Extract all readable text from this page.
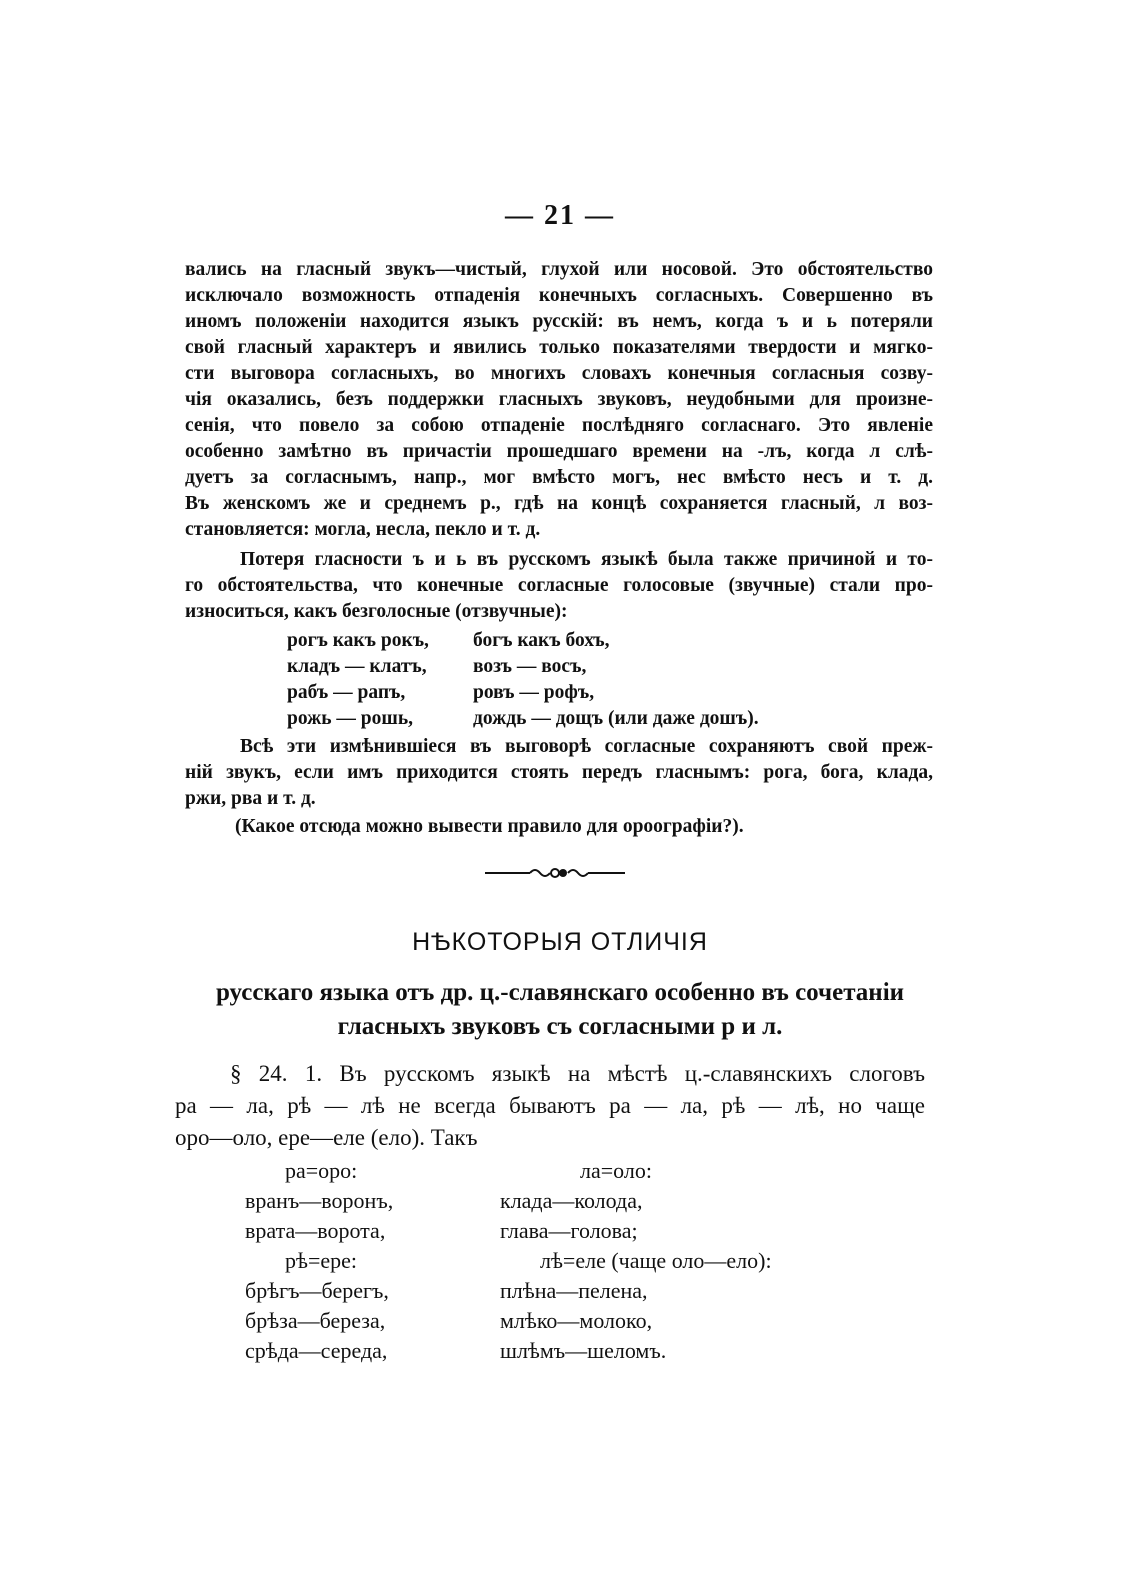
— 21 —

вались на гласный звукъ—чистый, глухой или носовой. Это обстоятельство
исключало возможность отпаденія конечныхъ согласныхъ. Совершенно въ
иномъ положеніи находится языкъ русскій: въ немъ, когда ъ и ь потеряли
свой гласный характеръ и явились только показателями твердости и мягко-
сти выговора согласныхъ, во многихъ словахъ конечныя согласныя созву-
чія оказались, безъ поддержки гласныхъ звуковъ, неудобными для произне-
сенія, что повело за собою отпаденіе послѣдняго согласнаго. Это явленіе
особенно замѣтно въ причастіи прошедшаго времени на -лъ, когда л слѣ-
дуетъ за согласнымъ, напр., мог вмѣсто могъ, нес вмѣсто несъ и т. д.
Въ женскомъ же и среднемъ р., гдѣ на концѣ сохраняется гласный, л воз-
становляется: могла, несла, пекло и т. д.

Потеря гласности ъ и ь въ русскомъ языкѣ была также причиной и то-
го обстоятельства, что конечные согласные голосовые (звучные) стали про-
износиться, какъ безголосные (отзвучные):

рогъ какъ рокъ,	богъ какъ бохъ,
кладъ — клатъ,	возъ — восъ,
рабъ — рапъ,	ровъ — рофъ,
рожь — рошь,	дождь — дощъ (или даже дошъ).

Всѣ эти измѣнившіеся въ выговорѣ согласные сохраняютъ свой преж-
ній звукъ, если имъ приходится стоять передъ гласнымъ: рога, бога, клада,
ржи, рва и т. д.

(Какое отсюда можно вывести правило для ороографіи?).

НѢКОТОРЫЯ ОТЛИЧІЯ
русскаго языка отъ др. ц.-славянскаго особенно въ сочетаніи
гласныхъ звуковъ съ согласными р и л.

§ 24. 1. Въ русскомъ языкѣ на мѣстѣ ц.-славянскихъ слоговъ
ра — ла, рѣ — лѣ не всегда бываютъ ра — ла, рѣ — лѣ, но чаще
оро—оло, ере—еле (ело). Такъ

ра=оро:	ла=оло:
вранъ—воронъ,	клада—колода,
врата—ворота,	глава—голова;
рѣ=ере:	лѣ=еле (чаще оло—ело):
брѣгъ—берегъ,	плѣна—пелена,
брѣза—береза,	млѣко—молоко,
срѣда—середа,	шлѣмъ—шеломъ.
